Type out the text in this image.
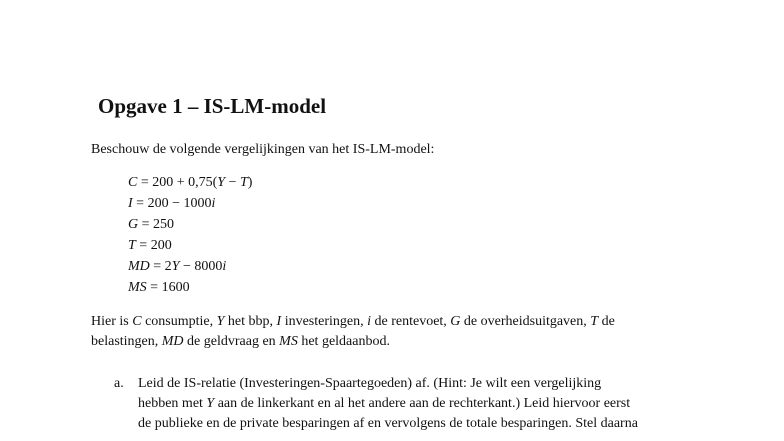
Opgave 1 – IS-LM-model

Beschouw de volgende vergelijkingen van het IS-LM-model:

C = 200 + 0,75(Y − T)
I = 200 − 1000i
G = 250
T = 200
MD = 2Y − 8000i
MS = 1600

Hier is C consumptie, Y het bbp, I investeringen, i de rentevoet, G de overheidsuitgaven, T de
belastingen, MD de geldvraag en MS het geldaanbod.

a. Leid de IS-relatie (Investeringen-Spaartegoeden) af. (Hint: Je wilt een vergelijking
hebben met Y aan de linkerkant en al het andere aan de rechterkant.) Leid hiervoor eerst
de publieke en de private besparingen af en vervolgens de totale besparingen. Stel daarna
